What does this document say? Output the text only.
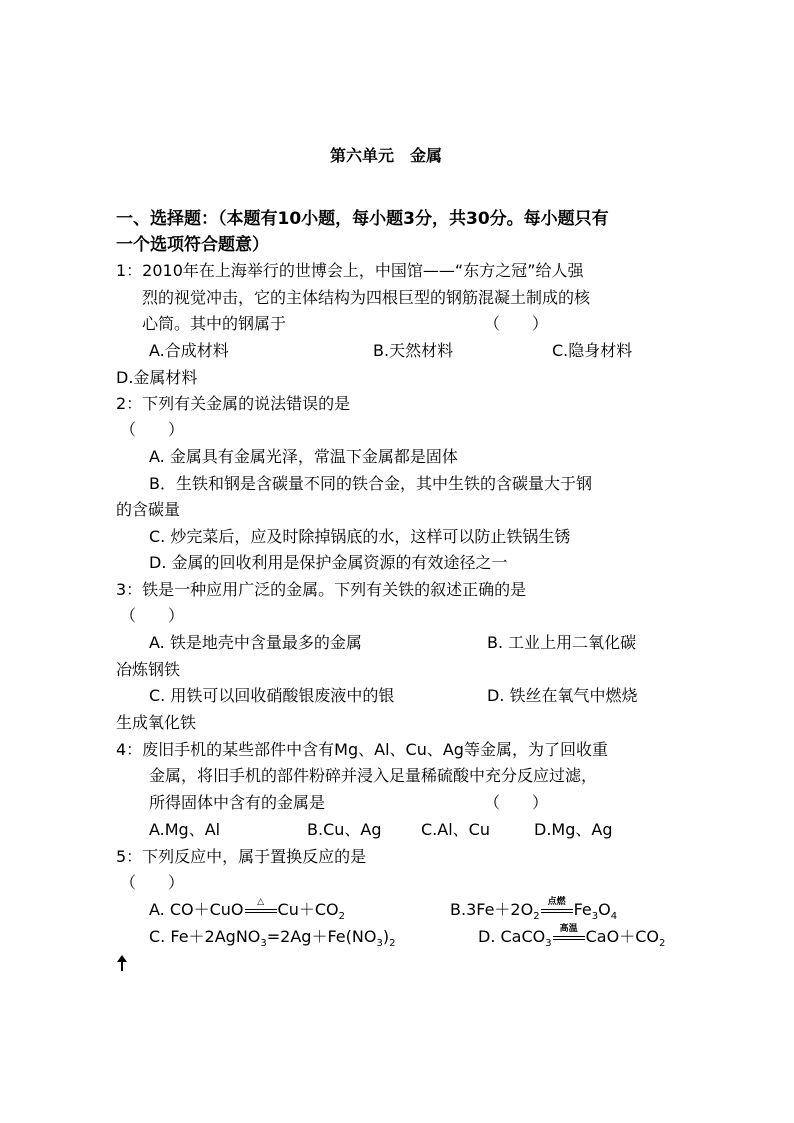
第六单元　金属
一、选择题：（本题有10小题，每小题3分，共30分。每小题只有
一个选项符合题意）
1：2010年在上海举行的世博会上，中国馆——“东方之冠”给人强
烈的视觉冲击，它的主体结构为四根巨型的钢筋混凝土制成的核
心筒。其中的钢属于	（　　）
A.合成材料	B.天然材料	C.隐身材料
D.金属材料
2：下列有关金属的说法错误的是
（　　）
A. 金属具有金属光泽，常温下金属都是固体
B．生铁和钢是含碳量不同的铁合金，其中生铁的含碳量大于钢
的含碳量
C. 炒完菜后，应及时除掉锅底的水，这样可以防止铁锅生锈
D. 金属的回收利用是保护金属资源的有效途径之一
3：铁是一种应用广泛的金属。下列有关铁的叙述正确的是
（　　）
A. 铁是地壳中含量最多的金属	B. 工业上用二氧化碳
冶炼钢铁
C. 用铁可以回收硝酸银废液中的银	D. 铁丝在氧气中燃烧
生成氧化铁
4：废旧手机的某些部件中含有Mg、Al、Cu、Ag等金属，为了回收重
金属，将旧手机的部件粉碎并浸入足量稀硫酸中充分反应过滤，
所得固体中含有的金属是	（　　）
A.Mg、Al	B.Cu、Ag C.Al、Cu	D.Mg、Ag
5：下列反应中，属于置换反应的是
（　　）
A. CO＋CuO	△ $Cu+CO_2$	$B.3Fe+2O_2$
点燃 $Fe_3O_4$
C. $Fe+2AgNO_3=2Ag+Fe(NO_3)_2$	D. CaCO$_3$
高温 $CaO+CO_2$
